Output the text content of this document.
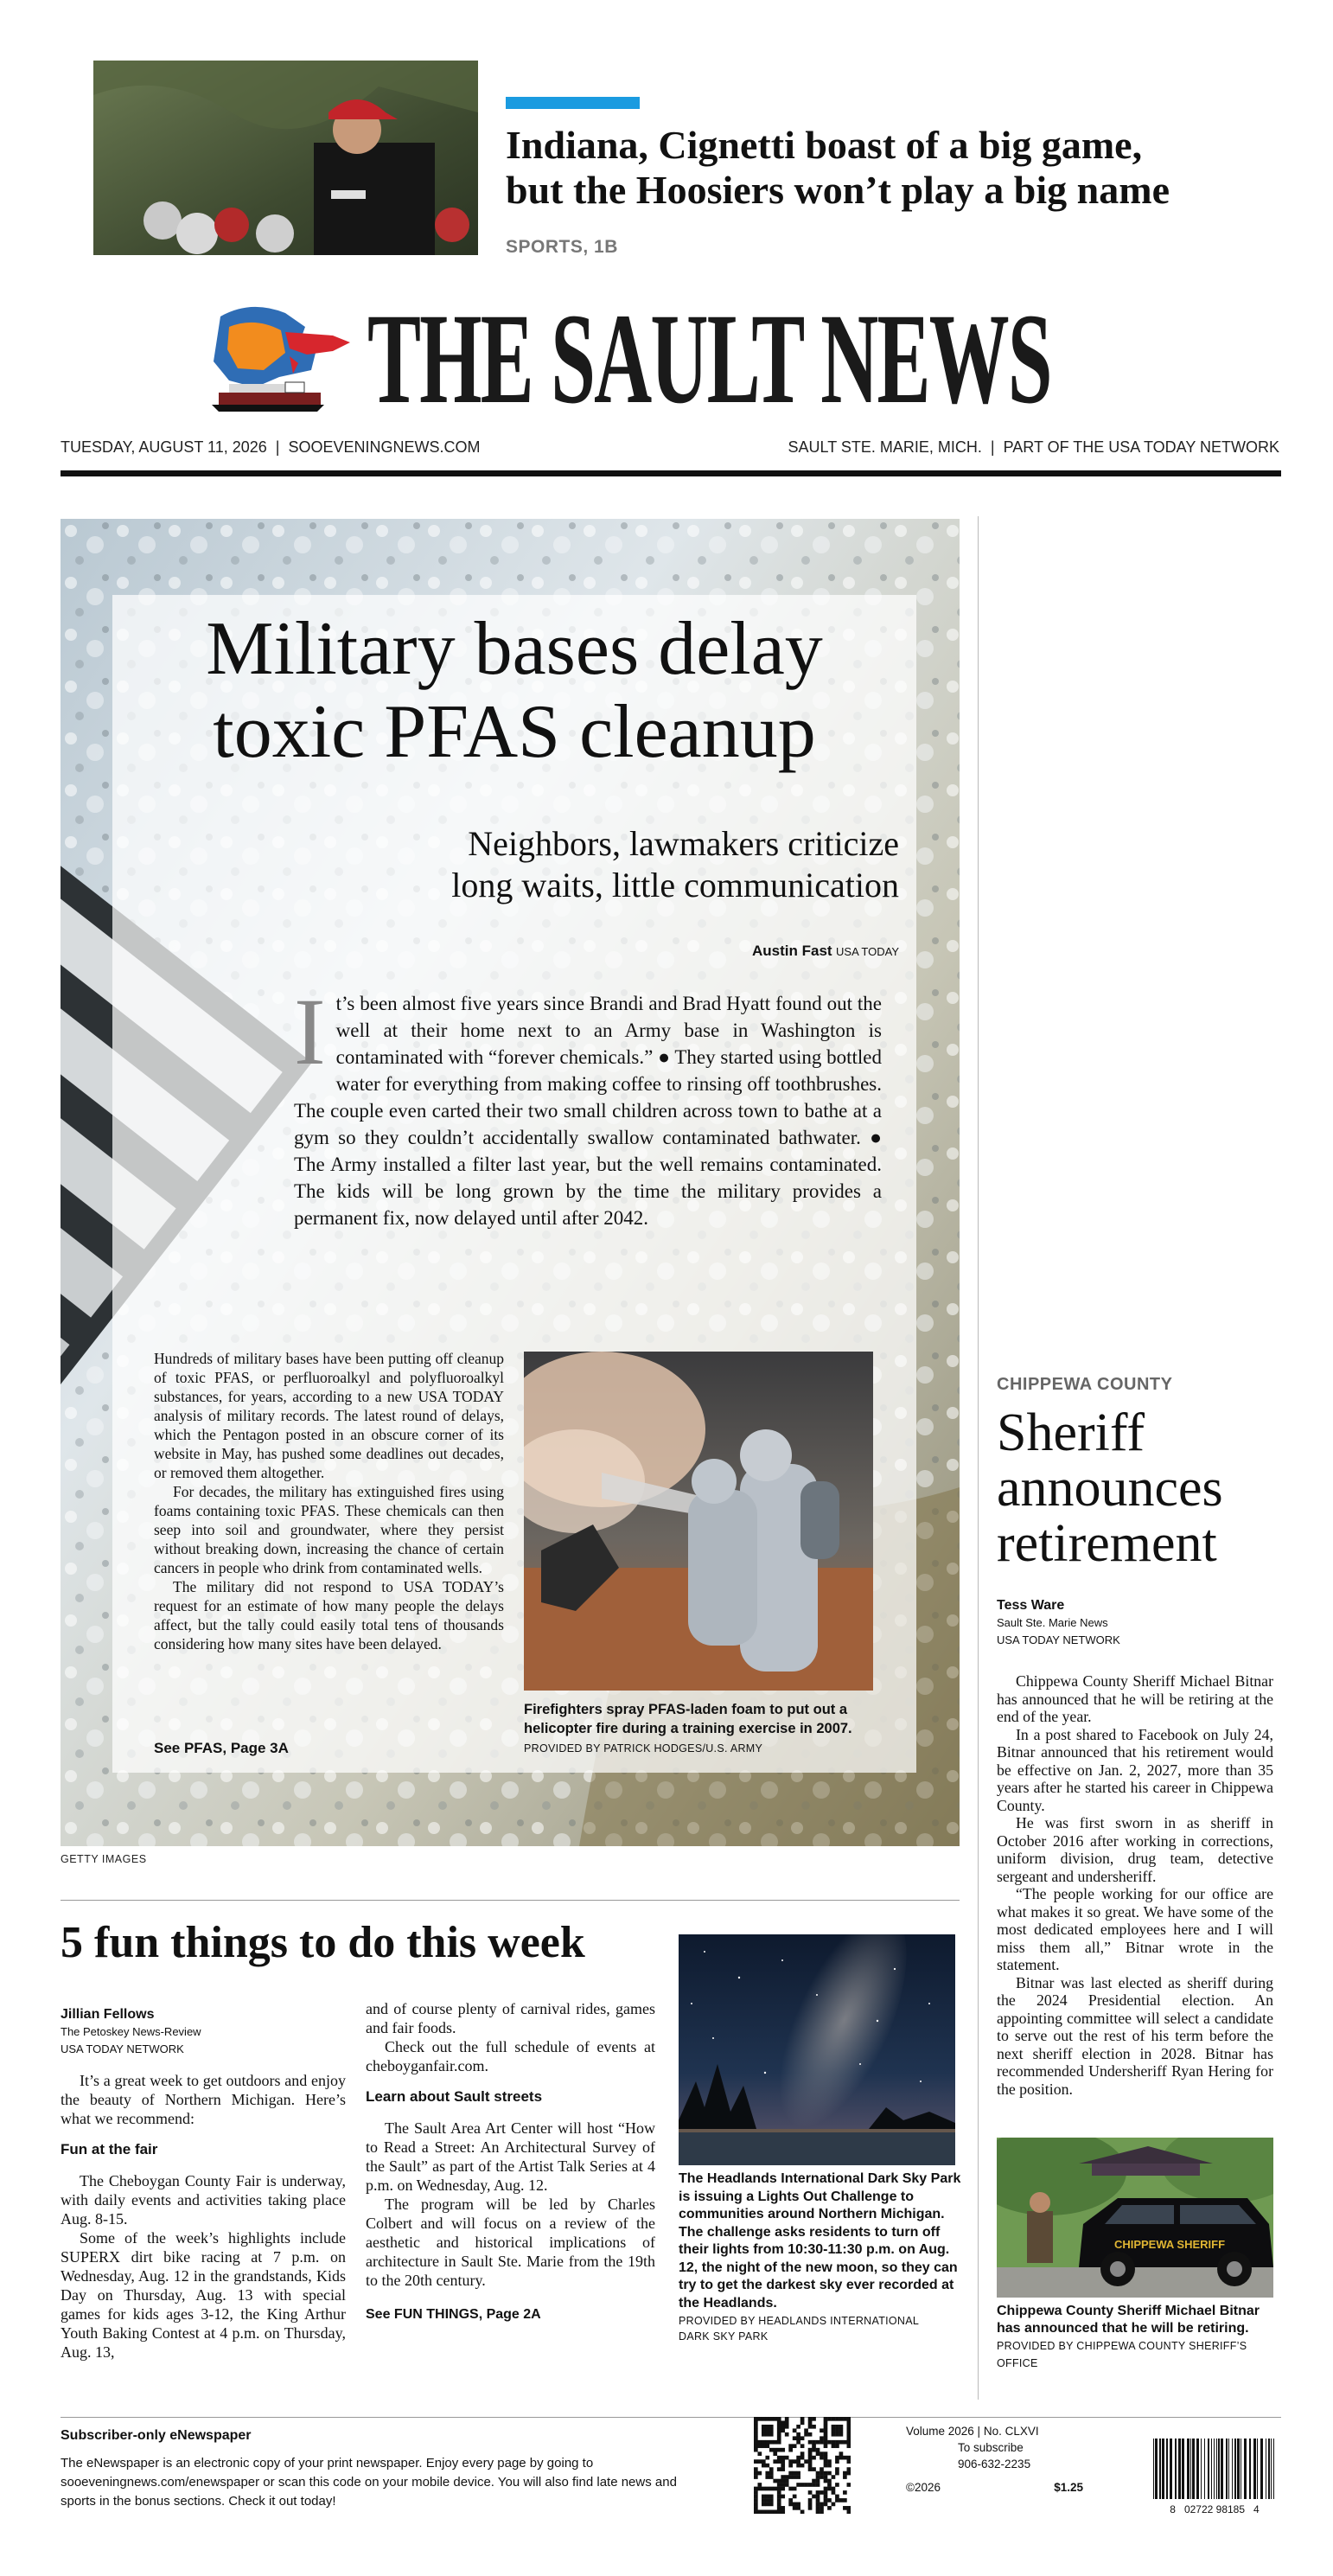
Indiana, Cignetti boast of a big game,
but the Hoosiers won’t play a big name
SPORTS, 1B
THE SAULT NEWS
TUESDAY, AUGUST 11, 2026  |  SOOEVENINGNEWS.COM	SAULT STE. MARIE, MICH.  |  PART OF THE USA TODAY NETWORK
Military bases delay
toxic PFAS cleanup
Neighbors, lawmakers criticize
long waits, little communication
Austin Fast USA TODAY
It’s been almost five years since Brandi and Brad Hyatt found out the well at their home next to an Army base in Washington is contaminated with “forever chemicals.” ● They started using bottled water for everything from making coffee to rinsing off toothbrushes. The couple even carted their two small children across town to bathe at a gym so they couldn’t accidentally swallow contaminated bathwater. ● The Army installed a filter last year, but the well remains contaminated. The kids will be long grown by the time the military provides a permanent fix, now delayed until after 2042.

Hundreds of military bases have been putting off cleanup of toxic PFAS, or perfluoroalkyl and polyfluoroalkyl substances, for years, according to a new USA TODAY analysis of military records. The latest round of delays, which the Pentagon posted in an obscure corner of its website in May, has pushed some deadlines out decades, or removed them altogether.

For decades, the military has extinguished fires using foams containing toxic PFAS. These chemicals can then seep into soil and groundwater, where they persist without breaking down, increasing the chance of certain cancers in people who drink from contaminated wells.

The military did not respond to USA TODAY’s request for an estimate of how many people the delays affect, but the tally could easily total tens of thousands considering how many sites have been delayed.

See PFAS, Page 3A
Firefighters spray PFAS-laden foam to put out a helicopter fire during a training exercise in 2007. PROVIDED BY PATRICK HODGES/U.S. ARMY
GETTY IMAGES
5 fun things to do this week
Jillian Fellows
The Petoskey News-Review
USA TODAY NETWORK

It’s a great week to get outdoors and enjoy the beauty of Northern Michigan. Here’s what we recommend:

Fun at the fair

The Cheboygan County Fair is underway, with daily events and activities taking place Aug. 8-15.

Some of the week’s highlights include SUPERX dirt bike racing at 7 p.m. on Wednesday, Aug. 12 in the grandstands, Kids Day on Thursday, Aug. 13 with special games for kids ages 3-12, the King Arthur Youth Baking Contest at 4 p.m. on Thursday, Aug. 13,

and of course plenty of carnival rides, games and fair foods.

Check out the full schedule of events at cheboyganfair.com.

Learn about Sault streets

The Sault Area Art Center will host “How to Read a Street: An Architectural Survey of the Sault” as part of the Artist Talk Series at 4 p.m. on Wednesday, Aug. 12.

The program will be led by Charles Colbert and will focus on a review of the aesthetic and historical implications of architecture in Sault Ste. Marie from the 19th to the 20th century.

See FUN THINGS, Page 2A

The Headlands International Dark Sky Park is issuing a Lights Out Challenge to communities around Northern Michigan. The challenge asks residents to turn off their lights from 10:30-11:30 p.m. on Aug. 12, the night of the new moon, so they can try to get the darkest sky ever recorded at the Headlands.
PROVIDED BY HEADLANDS INTERNATIONAL
DARK SKY PARK
CHIPPEWA COUNTY
Sheriff
announces
retirement
Tess Ware
Sault Ste. Marie News
USA TODAY NETWORK

Chippewa County Sheriff Michael Bitnar has announced that he will be retiring at the end of the year.

In a post shared to Facebook on July 24, Bitnar announced that his retirement would be effective on Jan. 2, 2027, more than 35 years after he started his career in Chippewa County.

He was first sworn in as sheriff in October 2016 after working in corrections, uniform division, drug team, detective sergeant and undersheriff.

“The people working for our office are what makes it so great. We have some of the most dedicated employees here and I will miss them all,” Bitnar wrote in the statement.

Bitnar was last elected as sheriff during the 2024 Presidential election. An appointing committee will select a candidate to serve out the rest of his term before the next sheriff election in 2028. Bitnar has recommended Undersheriff Ryan Hering for the position.

CHIPPEWA SHERIFF
Chippewa County Sheriff Michael Bitnar has announced that he will be retiring. PROVIDED BY CHIPPEWA COUNTY SHERIFF’S OFFICE
Subscriber-only eNewspaper
The eNewspaper is an electronic copy of your print newspaper. Enjoy every page by going to sooeveningnews.com/enewspaper or scan this code on your mobile device. You will also find late news and sports in the bonus sections. Check it out today!
Volume 2026 | No. CLXVI
To subscribe
906-632-2235
©2026	$1.25
8   02722 98185   4
